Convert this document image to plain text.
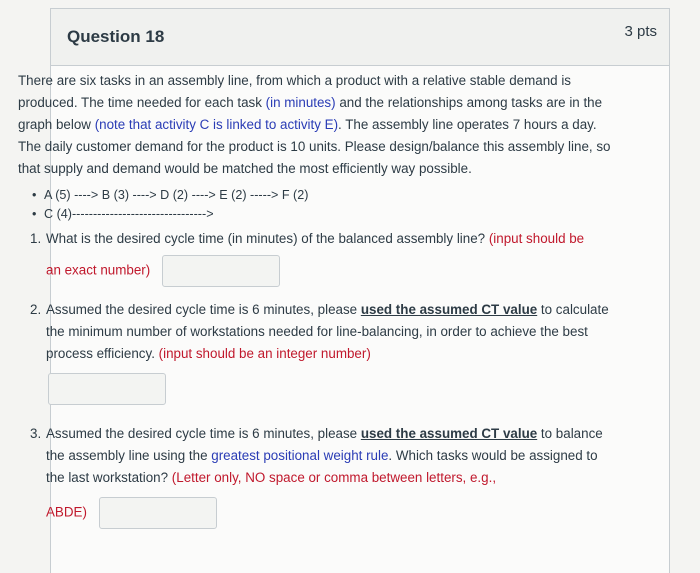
Question 18	3 pts

There are six tasks in an assembly line, from which a product with a relative stable demand is produced. The time needed for each task (in minutes) and the relationships among tasks are in the graph below (note that activity C is linked to activity E). The assembly line operates 7 hours a day. The daily customer demand for the product is 10 units. Please design/balance this assembly line, so that supply and demand would be matched the most efficiently way possible.

• A (5) ----> B (3) ----> D (2) ----> E (2) -----> F (2)
• C (4)-------------------------------->
1. What is the desired cycle time (in minutes) of the balanced assembly line? (input should be
an exact number)
2. Assumed the desired cycle time is 6 minutes, please used the assumed CT value to calculate the minimum number of workstations needed for line-balancing, in order to achieve the best process efficiency. (input should be an integer number)
3. Assumed the desired cycle time is 6 minutes, please used the assumed CT value to balance the assembly line using the greatest positional weight rule. Which tasks would be assigned to the last workstation? (Letter only, NO space or comma between letters, e.g.,
ABDE)
